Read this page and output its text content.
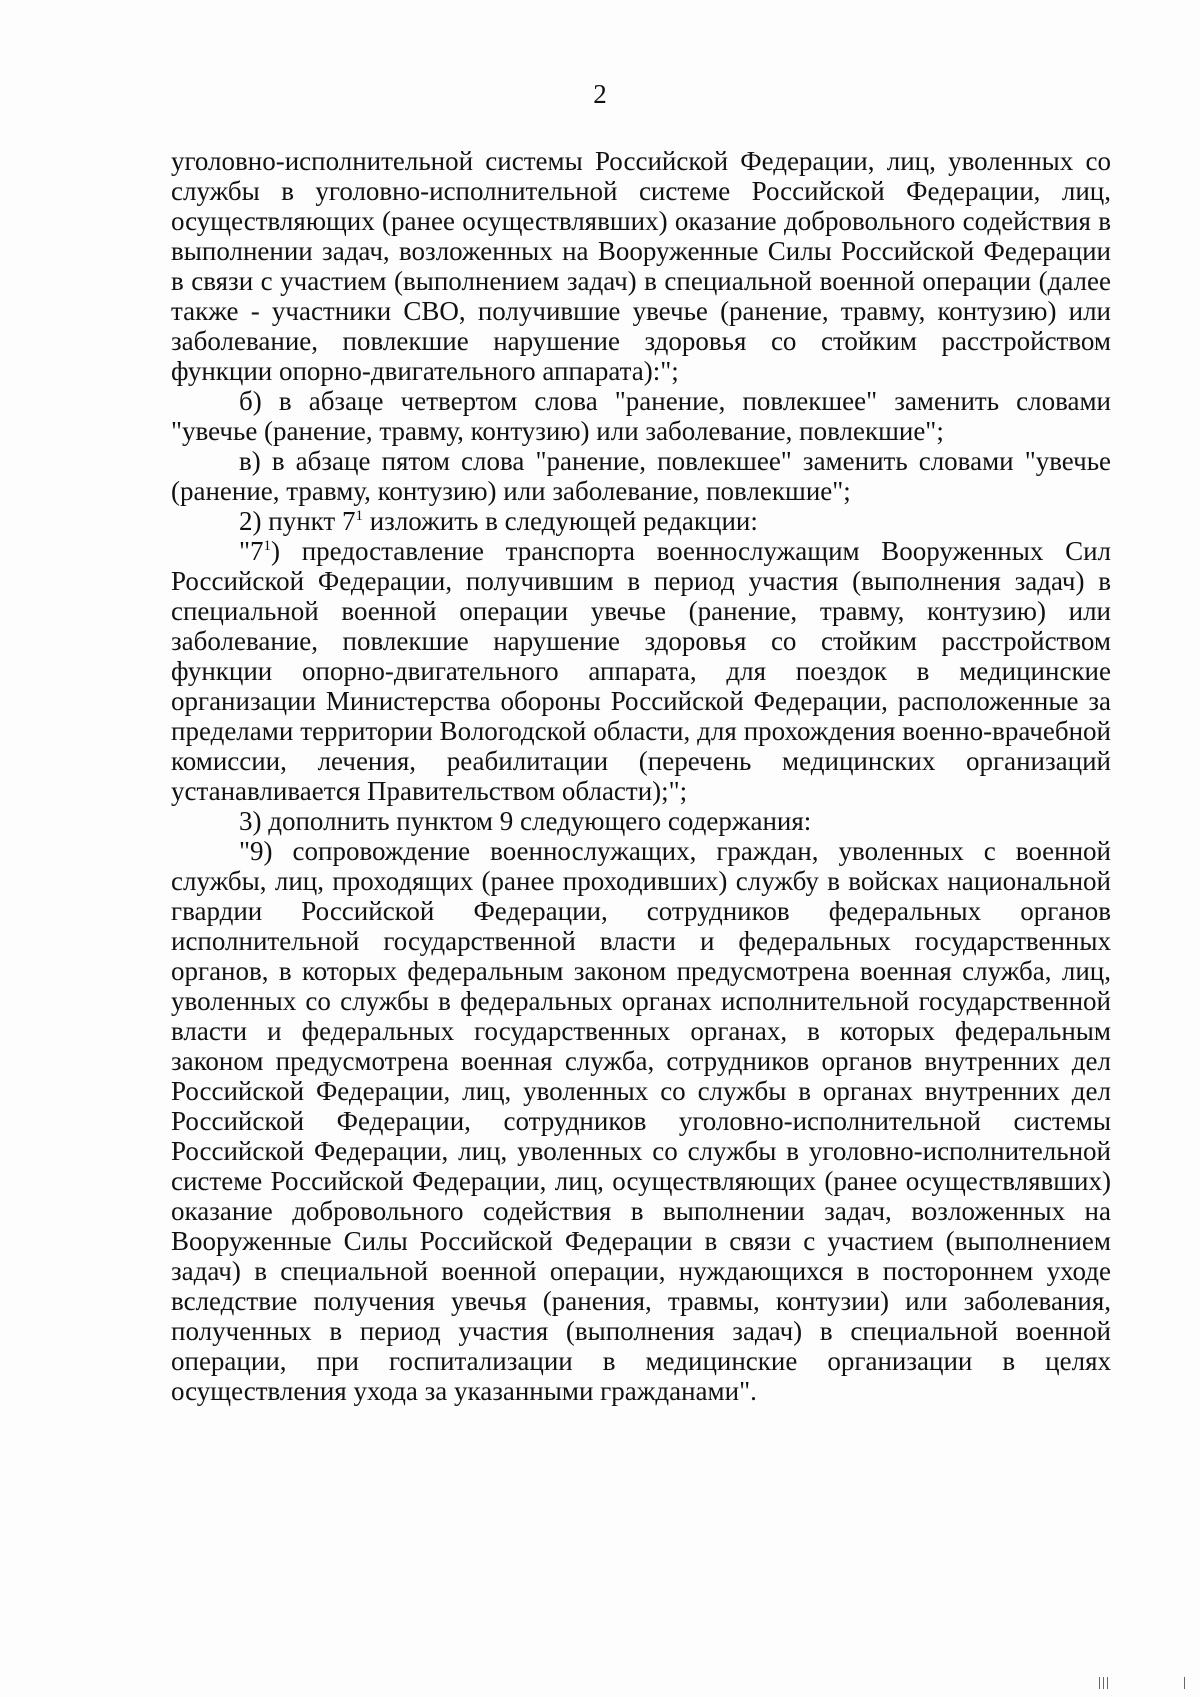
2

уголовно-исполнительной системы Российской Федерации, лиц, уволенных со службы в уголовно-исполнительной системе Российской Федерации, лиц, осуществляющих (ранее осуществлявших) оказание добровольного содействия в выполнении задач, возложенных на Вооруженные Силы Российской Федерации в связи с участием (выполнением задач) в специальной военной операции (далее также - участники СВО, получившие увечье (ранение, травму, контузию) или заболевание, повлекшие нарушение здоровья со стойким расстройством функции опорно-двигательного аппарата):";

б) в абзаце четвертом слова "ранение, повлекшее" заменить словами "увечье (ранение, травму, контузию) или заболевание, повлекшие";

в) в абзаце пятом слова "ранение, повлекшее" заменить словами "увечье (ранение, травму, контузию) или заболевание, повлекшие";

2) пункт $7^1$ изложить в следующей редакции:

"$7^1$) предоставление транспорта военнослужащим Вооруженных Сил Российской Федерации, получившим в период участия (выполнения задач) в специальной военной операции увечье (ранение, травму, контузию) или заболевание, повлекшие нарушение здоровья со стойким расстройством функции опорно-двигательного аппарата, для поездок в медицинские организации Министерства обороны Российской Федерации, расположенные за пределами территории Вологодской области, для прохождения военно-врачебной комиссии, лечения, реабилитации (перечень медицинских организаций устанавливается Правительством области);";

3) дополнить пунктом 9 следующего содержания:

"9) сопровождение военнослужащих, граждан, уволенных с военной службы, лиц, проходящих (ранее проходивших) службу в войсках национальной гвардии Российской Федерации, сотрудников федеральных органов исполнительной государственной власти и федеральных государственных органов, в которых федеральным законом предусмотрена военная служба, лиц, уволенных со службы в федеральных органах исполнительной государственной власти и федеральных государственных органах, в которых федеральным законом предусмотрена военная служба, сотрудников органов внутренних дел Российской Федерации, лиц, уволенных со службы в органах внутренних дел Российской Федерации, сотрудников уголовно-исполнительной системы Российской Федерации, лиц, уволенных со службы в уголовно-исполнительной системе Российской Федерации, лиц, осуществляющих (ранее осуществлявших) оказание добровольного содействия в выполнении задач, возложенных на Вооруженные Силы Российской Федерации в связи с участием (выполнением задач) в специальной военной операции, нуждающихся в постороннем уходе вследствие получения увечья (ранения, травмы, контузии) или заболевания, полученных в период участия (выполнения задач) в специальной военной операции, при госпитализации в медицинские организации в целях осуществления ухода за указанными гражданами".
